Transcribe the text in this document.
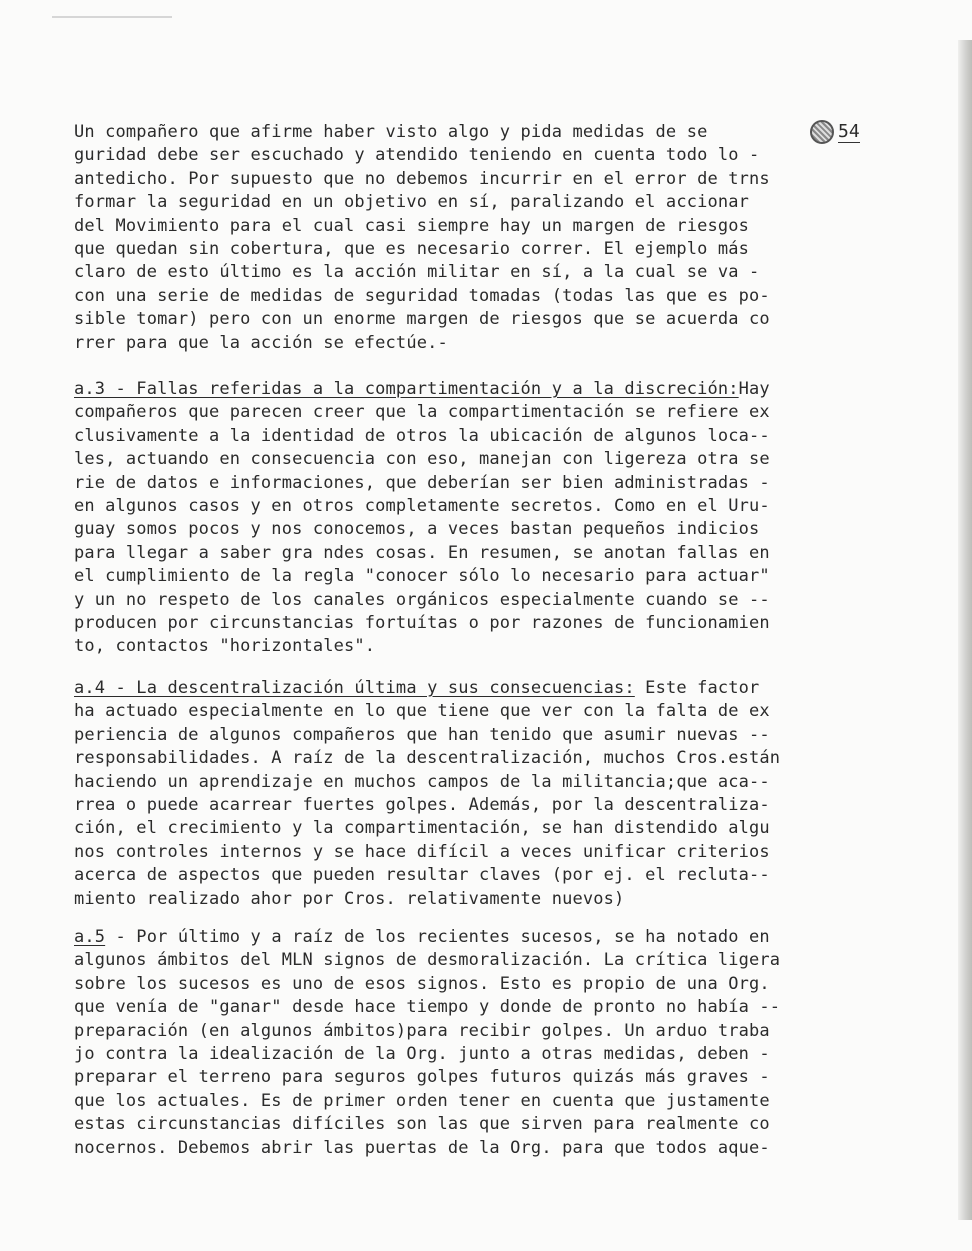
54
Un compañero que afirme haber visto algo y pida medidas de se
guridad debe ser escuchado y atendido teniendo en cuenta todo lo -
antedicho. Por supuesto que no debemos incurrir en el error de trns
formar la seguridad en un objetivo en sí, paralizando el accionar
del Movimiento para el cual casi siempre hay un margen de riesgos
que quedan sin cobertura, que es necesario correr. El ejemplo más
claro de esto último es la acción militar en sí, a la cual se va -
con una serie de medidas de seguridad tomadas (todas las que es po-
sible tomar) pero con un enorme margen de riesgos que se acuerda co
rrer para que la acción se efectúe.-
a.3 - Fallas referidas a la compartimentación y a la discreción:Hay
compañeros que parecen creer que la compartimentación se refiere ex
clusivamente a la identidad de otros la ubicación de algunos loca--
les, actuando en consecuencia con eso, manejan con ligereza otra se
rie de datos e informaciones, que deberían ser bien administradas -
en algunos casos y en otros completamente secretos. Como en el Uru-
guay somos pocos y nos conocemos, a veces bastan pequeños indicios
para llegar a saber gra ndes cosas. En resumen, se anotan fallas en
el cumplimiento de la regla "conocer sólo lo necesario para actuar"
y un no respeto de los canales orgánicos especialmente cuando se --
producen por circunstancias fortuítas o por razones de funcionamien
to, contactos "horizontales".
a.4 - La descentralización última y sus consecuencias: Este factor
ha actuado especialmente en lo que tiene que ver con la falta de ex
periencia de algunos compañeros que han tenido que asumir nuevas --
responsabilidades. A raíz de la descentralización, muchos Cros.están
haciendo un aprendizaje en muchos campos de la militancia;que aca--
rrea o puede acarrear fuertes golpes. Además, por la descentraliza-
ción, el crecimiento y la compartimentación, se han distendido algu
nos controles internos y se hace difícil a veces unificar criterios
acerca de aspectos que pueden resultar claves (por ej. el recluta--
miento realizado ahor por Cros. relativamente nuevos)
a.5 - Por último y a raíz de los recientes sucesos, se ha notado en
algunos ámbitos del MLN signos de desmoralización. La crítica ligera
sobre los sucesos es uno de esos signos. Esto es propio de una Org.
que venía de "ganar" desde hace tiempo y donde de pronto no había --
preparación (en algunos ámbitos)para recibir golpes. Un arduo traba
jo contra la idealización de la Org. junto a otras medidas, deben -
preparar el terreno para seguros golpes futuros quizás más graves -
que los actuales. Es de primer orden tener en cuenta que justamente
estas circunstancias difíciles son las que sirven para realmente co
nocernos. Debemos abrir las puertas de la Org. para que todos aque-
